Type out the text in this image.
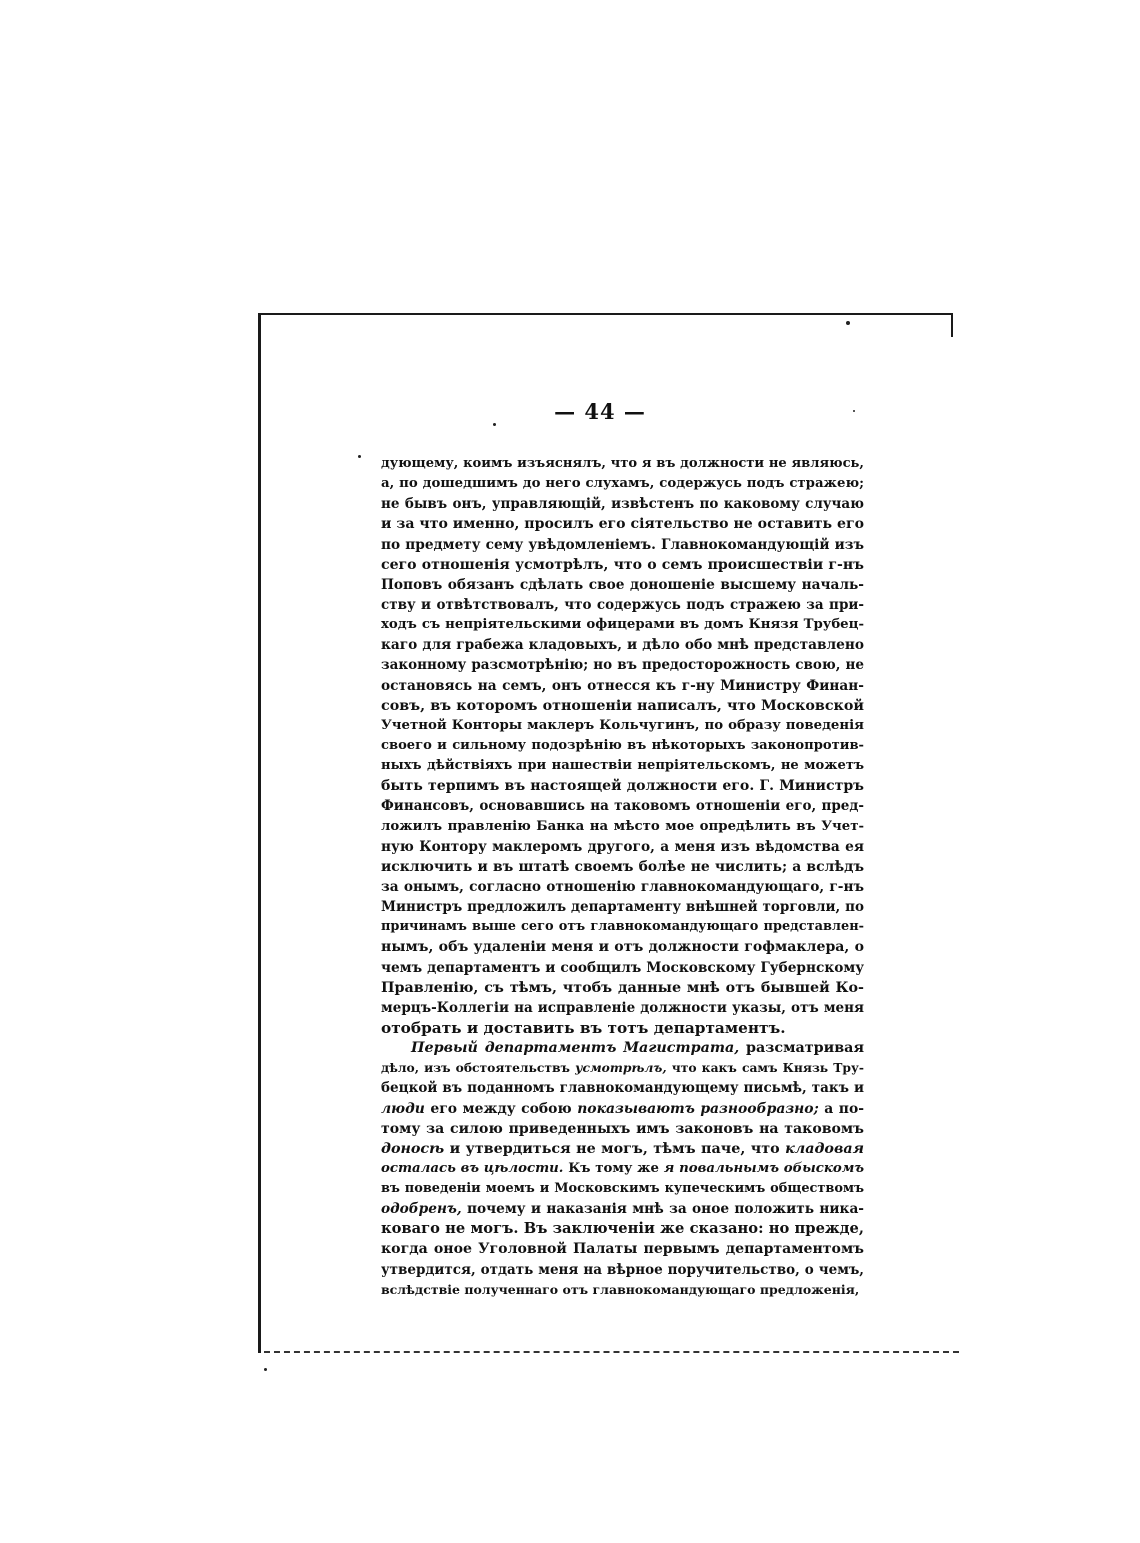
— 44 —
дующему, коимъ изъяснялъ, что я въ должности не являюсь,
а, по дошедшимъ до него слухамъ, содержусь подъ стражею;
не бывъ онъ, управляющій, извѣстенъ по каковому случаю
и за что именно, просилъ его сiятельство не оставить его
по предмету сему увѣдомленiемъ. Главнокомандующiй изъ
сего отношенiя усмотрѣлъ, что о семъ происшествiи г-нъ
Поповъ обязанъ сдѣлать свое доношенiе высшему началь-
ству и отвѣтствовалъ, что содержусь подъ стражею за при-
ходъ съ непрiятельскими офицерами въ домъ Князя Трубец-
каго для грабежа кладовыхъ, и дѣло обо мнѣ представлено
законному разсмотрѣнiю; но въ предосторожность свою, не
остановясь на семъ, онъ отнесся къ г-ну Министру Финан-
совъ, въ которомъ отношенiи написалъ, что Московской
Учетной Конторы маклеръ Кольчугинъ, по образу поведенiя
своего и сильному подозрѣнiю въ нѣкоторыхъ законопротив-
ныхъ дѣйствiяхъ при нашествiи непрiятельскомъ, не можетъ
быть терпимъ въ настоящей должности его. Г. Министръ
Финансовъ, основавшись на таковомъ отношенiи его, пред-
ложилъ правленiю Банка на мѣсто мое опредѣлить въ Учет-
ную Контору маклеромъ другого, а меня изъ вѣдомства ея
исключить и въ штатѣ своемъ болѣе не числить; а вслѣдъ
за онымъ, согласно отношенiю главнокомандующаго, г-нъ
Министръ предложилъ департаменту внѣшней торговли, по
причинамъ выше сего отъ главнокомандующаго представлен-
нымъ, объ удаленiи меня и отъ должности гофмаклера, о
чемъ департаментъ и сообщилъ Московскому Губернскому
Правленiю, съ тѣмъ, чтобъ данные мнѣ отъ бывшей Ко-
мерцъ-Коллегiи на исправленiе должности указы, отъ меня
отобрать и доставить въ тотъ департаментъ.
Первый департаментъ Магистрата, разсматривая
дѣло, изъ обстоятельствъ усмотрѣлъ, что какъ самъ Князь Тру-
бецкой въ поданномъ главнокомандующему письмѣ, такъ и
люди его между собою показываютъ разнообразно; а по-
тому за силою приведенныхъ имъ законовъ на таковомъ
доносѣ и утвердиться не могъ, тѣмъ паче, что кладовая
осталась въ цѣлости. Къ тому же я повальнымъ обыскомъ
въ поведенiи моемъ и Московскимъ купеческимъ обществомъ
одобренъ, почему и наказанiя мнѣ за оное положить ника-
коваго не могъ. Въ заключенiи же сказано: но прежде,
когда оное Уголовной Палаты первымъ департаментомъ
утвердится, отдать меня на вѣрное поручительство, о чемъ,
вслѣдствiе полученнаго отъ главнокомандующаго предложенiя,
